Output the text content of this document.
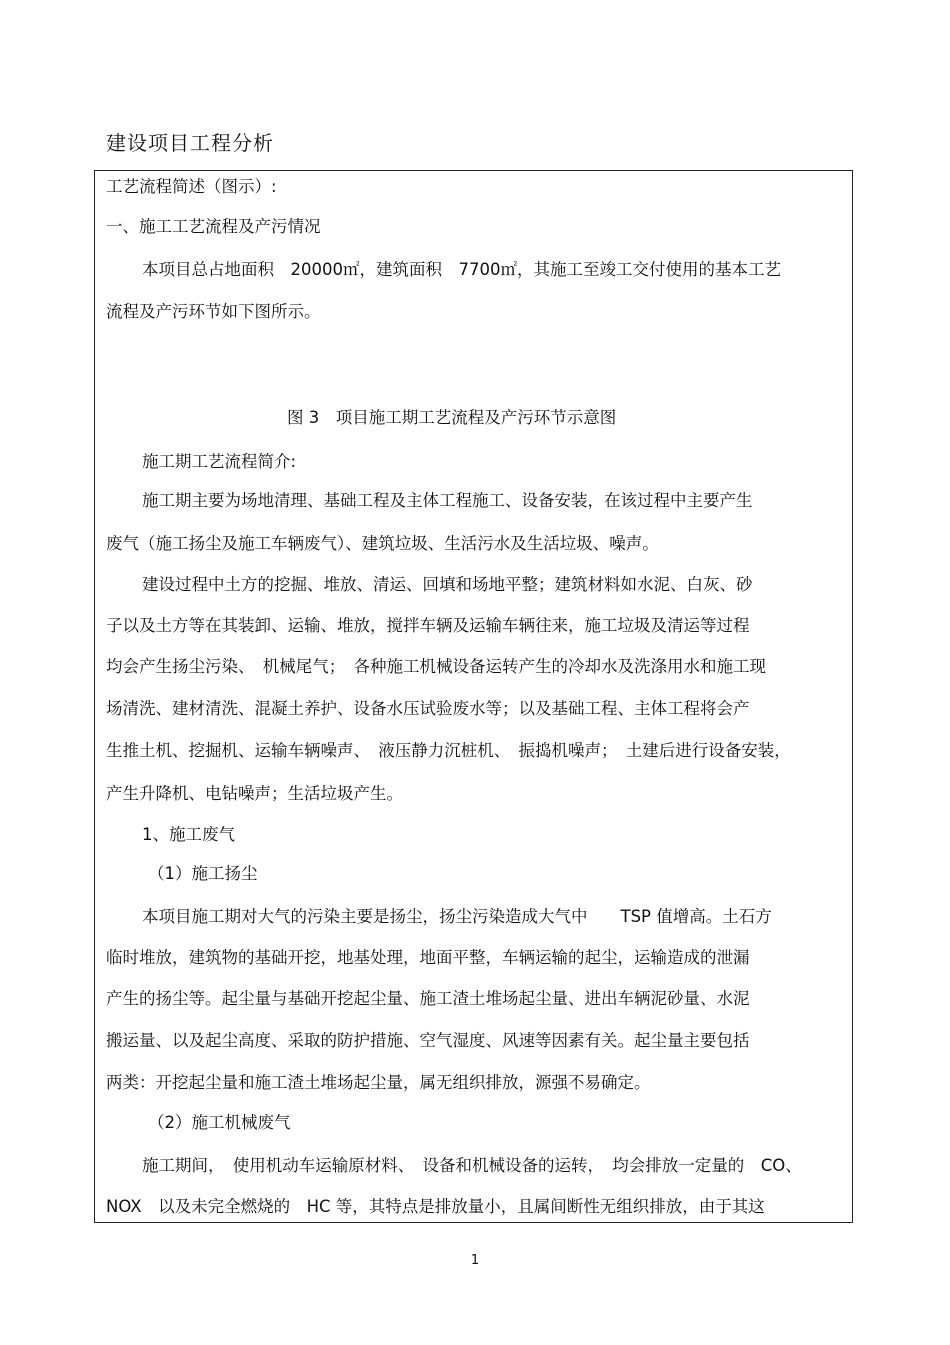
建设项目工程分析
工艺流程简述（图示）:
一、施工工艺流程及产污情况
本项目总占地面积　20000㎡，建筑面积　7700㎡，其施工至竣工交付使用的基本工艺
流程及产污环节如下图所示。
图 3　项目施工期工艺流程及产污环节示意图
施工期工艺流程简介:
施工期主要为场地清理、基础工程及主体工程施工、设备安装，在该过程中主要产生
废气（施工扬尘及施工车辆废气）、建筑垃圾、生活污水及生活垃圾、噪声。
建设过程中土方的挖掘、堆放、清运、回填和场地平整；建筑材料如水泥、白灰、砂
子以及土方等在其装卸、运输、堆放，搅拌车辆及运输车辆往来，施工垃圾及清运等过程
均会产生扬尘污染、　机械尾气；　各种施工机械设备运转产生的冷却水及洗涤用水和施工现
场清洗、建材清洗、混凝土养护、设备水压试验废水等；以及基础工程、主体工程将会产
生推土机、挖掘机、运输车辆噪声、　液压静力沉桩机、　振捣机噪声；　土建后进行设备安装，
产生升降机、电钻噪声；生活垃圾产生。
1、施工废气
（1）施工扬尘
本项目施工期对大气的污染主要是扬尘，扬尘污染造成大气中　　TSP 值增高。土石方
临时堆放，建筑物的基础开挖，地基处理，地面平整，车辆运输的起尘，运输造成的泄漏
产生的扬尘等。起尘量与基础开挖起尘量、施工渣土堆场起尘量、进出车辆泥砂量、水泥
搬运量、以及起尘高度、采取的防护措施、空气湿度、风速等因素有关。起尘量主要包括
两类：开挖起尘量和施工渣土堆场起尘量，属无组织排放，源强不易确定。
（2）施工机械废气
施工期间，　使用机动车运输原材料、　设备和机械设备的运转，　均会排放一定量的　CO、
NOX　以及未完全燃烧的　HC 等，其特点是排放量小，且属间断性无组织排放，由于其这
1
